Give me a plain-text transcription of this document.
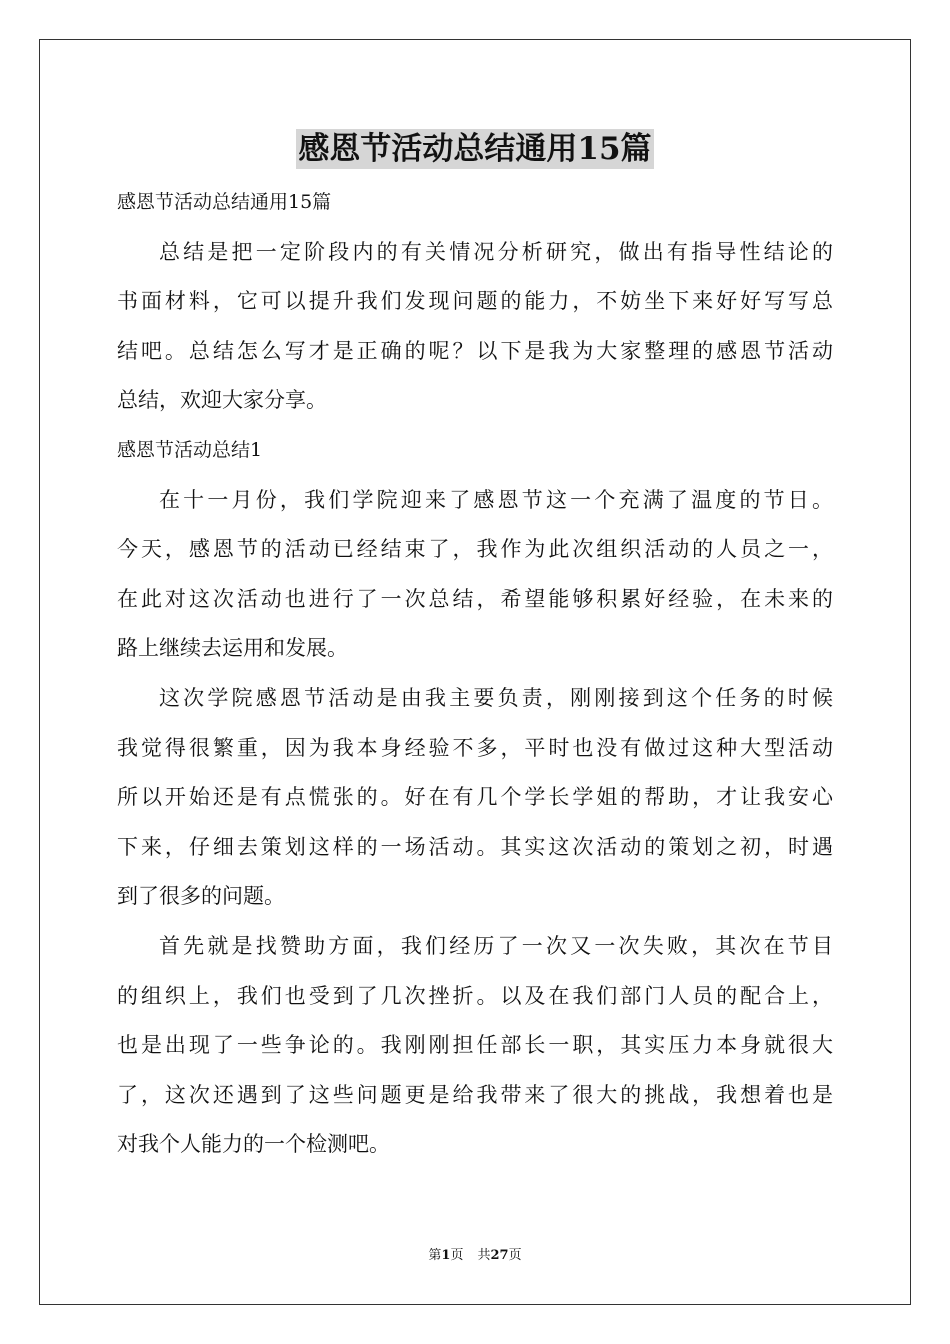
感恩节活动总结通用15篇
感恩节活动总结通用15篇
总结是把一定阶段内的有关情况分析研究，做出有指导性结论的
书面材料，它可以提升我们发现问题的能力，不妨坐下来好好写写总
结吧。总结怎么写才是正确的呢？以下是我为大家整理的感恩节活动
总结，欢迎大家分享。
感恩节活动总结1
在十一月份，我们学院迎来了感恩节这一个充满了温度的节日。
今天，感恩节的活动已经结束了，我作为此次组织活动的人员之一，
在此对这次活动也进行了一次总结，希望能够积累好经验，在未来的
路上继续去运用和发展。
这次学院感恩节活动是由我主要负责，刚刚接到这个任务的时候
我觉得很繁重，因为我本身经验不多，平时也没有做过这种大型活动
所以开始还是有点慌张的。好在有几个学长学姐的帮助，才让我安心
下来，仔细去策划这样的一场活动。其实这次活动的策划之初，时遇
到了很多的问题。
首先就是找赞助方面，我们经历了一次又一次失败，其次在节目
的组织上，我们也受到了几次挫折。以及在我们部门人员的配合上，
也是出现了一些争论的。我刚刚担任部长一职，其实压力本身就很大
了，这次还遇到了这些问题更是给我带来了很大的挑战，我想着也是
对我个人能力的一个检测吧。
第1页 共27页
